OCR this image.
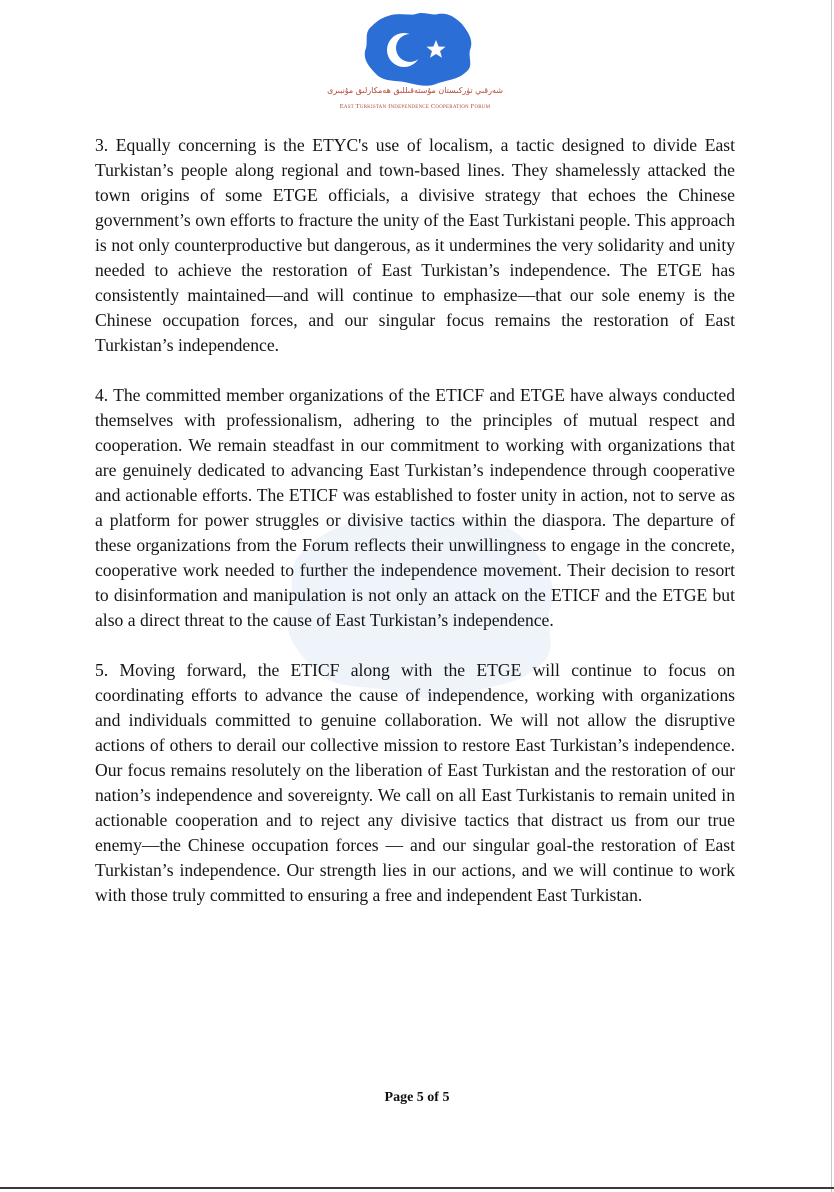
شەرقىي تۈركىستان مۇستەقىللىق ھەمكارلىق مۇنبىرى
East Turkistan Independence Cooperation Forum

3. Equally concerning is the ETYC's use of localism, a tactic designed to divide East Turkistan’s people along regional and town-based lines. They shamelessly attacked the town origins of some ETGE officials, a divisive strategy that echoes the Chinese government’s own efforts to fracture the unity of the East Turkistani people. This approach is not only counterproductive but dangerous, as it undermines the very solidarity and unity needed to achieve the restoration of East Turkistan’s independence. The ETGE has consistently maintained—and will continue to emphasize—that our sole enemy is the Chinese occupation forces, and our singular focus remains the restoration of East Turkistan’s independence.

4. The committed member organizations of the ETICF and ETGE have always conducted themselves with professionalism, adhering to the principles of mutual respect and cooperation. We remain steadfast in our commitment to working with organizations that are genuinely dedicated to advancing East Turkistan’s independence through cooperative and actionable efforts. The ETICF was established to foster unity in action, not to serve as a platform for power struggles or divisive tactics within the diaspora. The departure of these organizations from the Forum reflects their unwillingness to engage in the concrete, cooperative work needed to further the independence movement. Their decision to resort to disinformation and manipulation is not only an attack on the ETICF and the ETGE but also a direct threat to the cause of East Turkistan’s independence.

5. Moving forward, the ETICF along with the ETGE will continue to focus on coordinating efforts to advance the cause of independence, working with organizations and individuals committed to genuine collaboration. We will not allow the disruptive actions of others to derail our collective mission to restore East Turkistan’s independence. Our focus remains resolutely on the liberation of East Turkistan and the restoration of our nation’s independence and sovereignty. We call on all East Turkistanis to remain united in actionable cooperation and to reject any divisive tactics that distract us from our true enemy—the Chinese occupation forces — and our singular goal-the restoration of East Turkistan’s independence. Our strength lies in our actions, and we will continue to work with those truly committed to ensuring a free and independent East Turkistan.

Page 5 of 5
